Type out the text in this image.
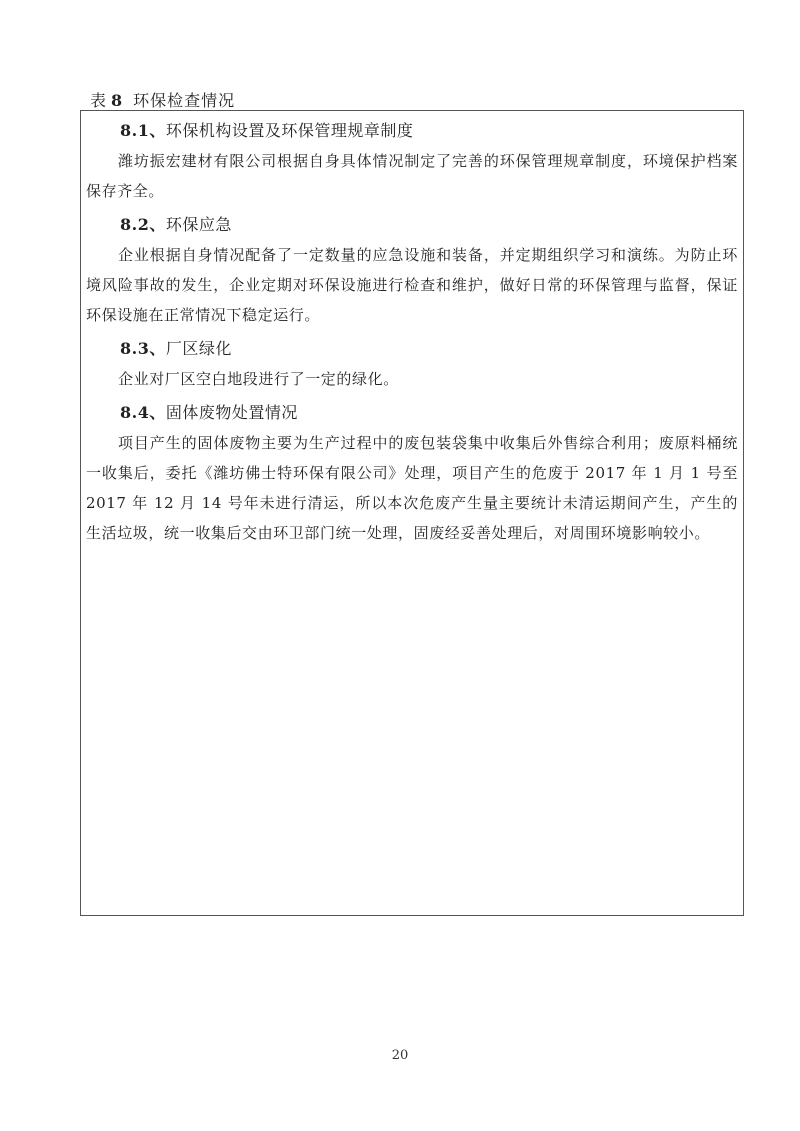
表 8 环保检查情况

8.1、环保机构设置及环保管理规章制度

潍坊振宏建材有限公司根据自身具体情况制定了完善的环保管理规章制度，环境保护档案保存齐全。

8.2、环保应急

企业根据自身情况配备了一定数量的应急设施和装备，并定期组织学习和演练。为防止环境风险事故的发生，企业定期对环保设施进行检查和维护，做好日常的环保管理与监督，保证环保设施在正常情况下稳定运行。

8.3、厂区绿化

企业对厂区空白地段进行了一定的绿化。

8.4、固体废物处置情况

项目产生的固体废物主要为生产过程中的废包装袋集中收集后外售综合利用；废原料桶统一收集后，委托《潍坊佛士特环保有限公司》处理，项目产生的危废于 2017 年 1 月 1 号至 2017 年 12 月 14 号年未进行清运，所以本次危废产生量主要统计未清运期间产生，产生的生活垃圾，统一收集后交由环卫部门统一处理，固废经妥善处理后，对周围环境影响较小。

20
